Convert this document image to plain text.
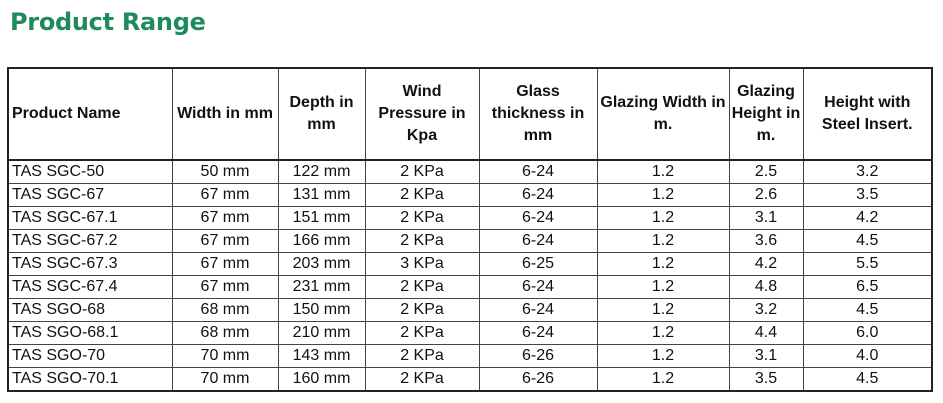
Product Range
Product Name	Width in mm	Depth in mm	Wind Pressure in Kpa	Glass thickness in mm	Glazing Width in m.	Glazing Height in m.	Height with Steel Insert.
TAS SGC-50	50 mm	122 mm	2 KPa	6-24	1.2	2.5	3.2
TAS SGC-67	67 mm	131 mm	2 KPa	6-24	1.2	2.6	3.5
TAS SGC-67.1	67 mm	151 mm	2 KPa	6-24	1.2	3.1	4.2
TAS SGC-67.2	67 mm	166 mm	2 KPa	6-24	1.2	3.6	4.5
TAS SGC-67.3	67 mm	203 mm	3 KPa	6-25	1.2	4.2	5.5
TAS SGC-67.4	67 mm	231 mm	2 KPa	6-24	1.2	4.8	6.5
TAS SGO-68	68 mm	150 mm	2 KPa	6-24	1.2	3.2	4.5
TAS SGO-68.1	68 mm	210 mm	2 KPa	6-24	1.2	4.4	6.0
TAS SGO-70	70 mm	143 mm	2 KPa	6-26	1.2	3.1	4.0
TAS SGO-70.1	70 mm	160 mm	2 KPa	6-26	1.2	3.5	4.5
